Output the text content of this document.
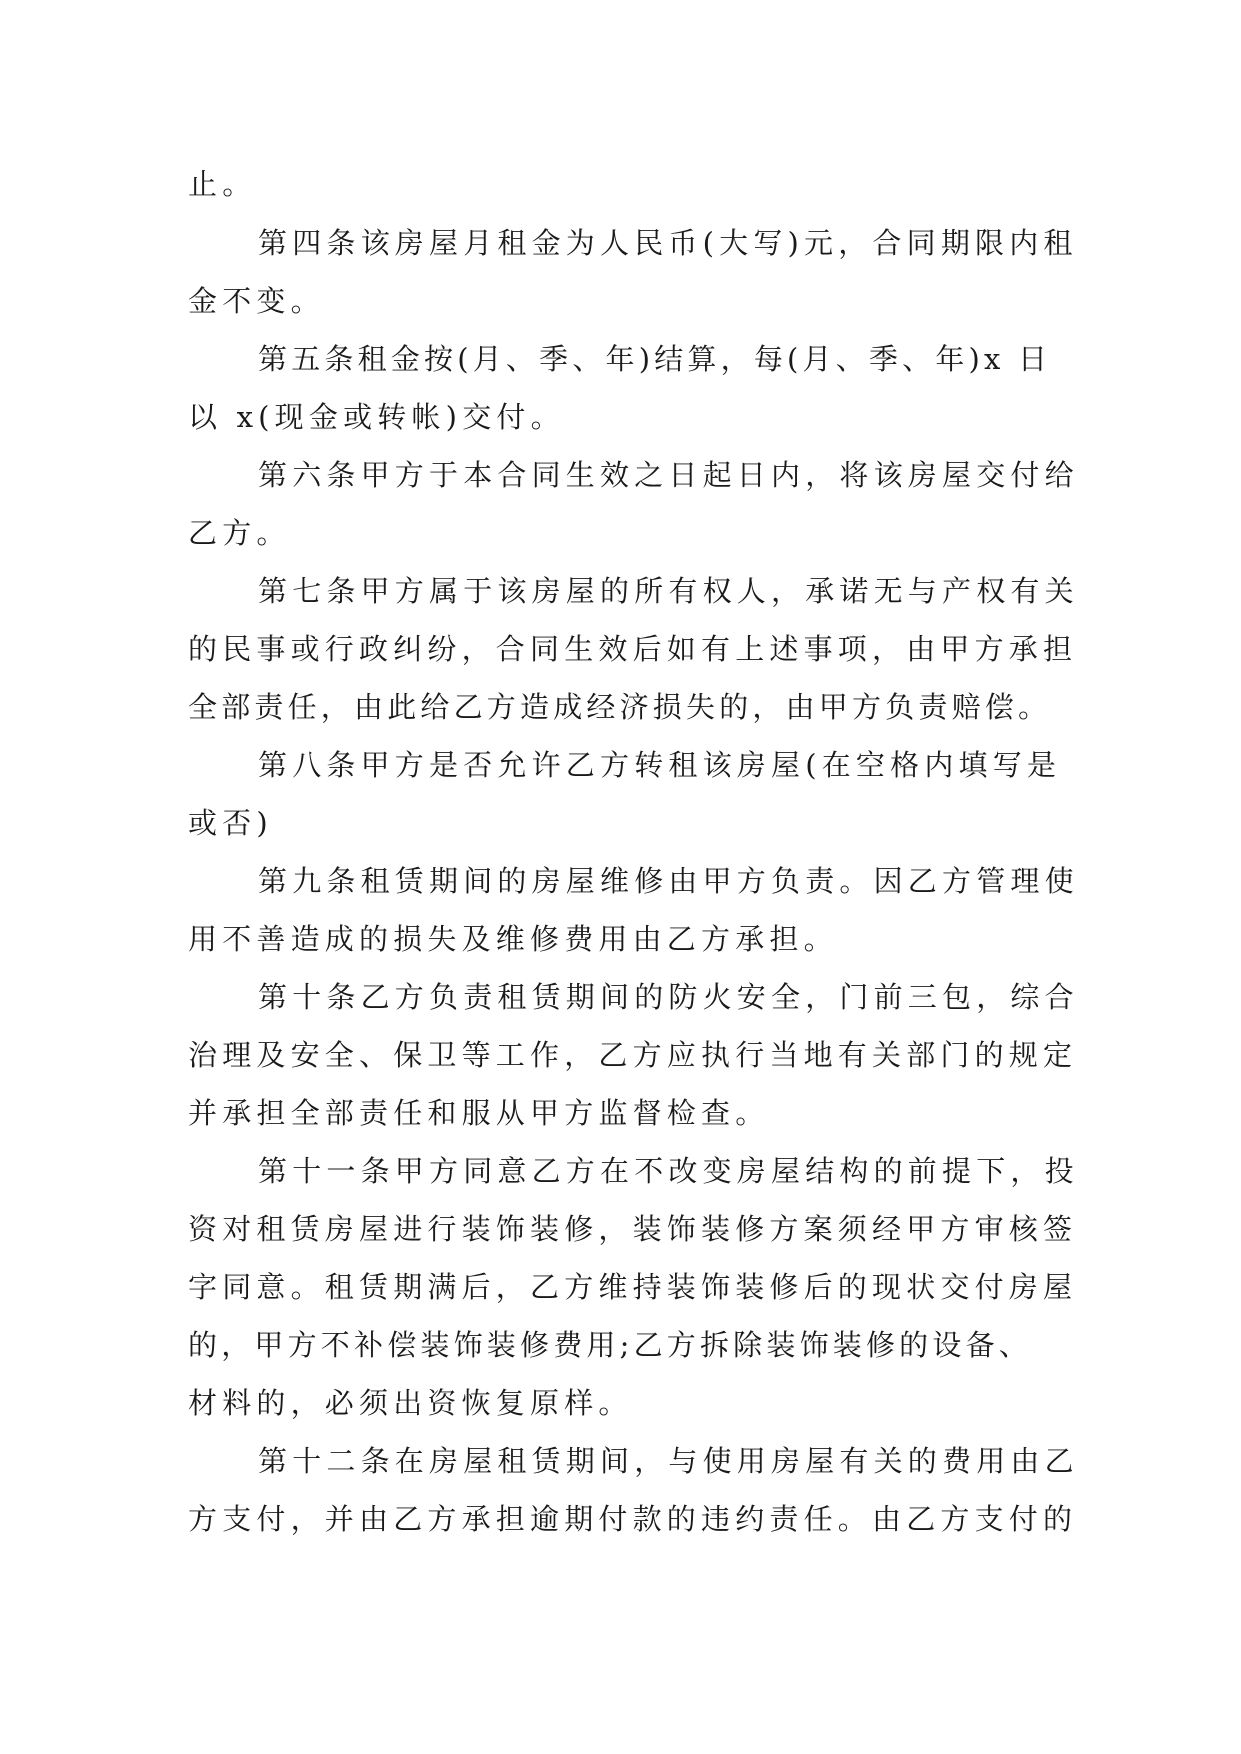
止。
第四条该房屋月租金为人民币(大写)元，合同期限内租
金不变。
第五条租金按(月、季、年)结算，每(月、季、年)x 日
以 x(现金或转帐)交付。
第六条甲方于本合同生效之日起日内，将该房屋交付给
乙方。
第七条甲方属于该房屋的所有权人，承诺无与产权有关
的民事或行政纠纷，合同生效后如有上述事项，由甲方承担
全部责任，由此给乙方造成经济损失的，由甲方负责赔偿。
第八条甲方是否允许乙方转租该房屋(在空格内填写是
或否)
第九条租赁期间的房屋维修由甲方负责。因乙方管理使
用不善造成的损失及维修费用由乙方承担。
第十条乙方负责租赁期间的防火安全，门前三包，综合
治理及安全、保卫等工作，乙方应执行当地有关部门的规定
并承担全部责任和服从甲方监督检查。
第十一条甲方同意乙方在不改变房屋结构的前提下，投
资对租赁房屋进行装饰装修，装饰装修方案须经甲方审核签
字同意。租赁期满后，乙方维持装饰装修后的现状交付房屋
的，甲方不补偿装饰装修费用;乙方拆除装饰装修的设备、
材料的，必须出资恢复原样。
第十二条在房屋租赁期间，与使用房屋有关的费用由乙
方支付，并由乙方承担逾期付款的违约责任。由乙方支付的
